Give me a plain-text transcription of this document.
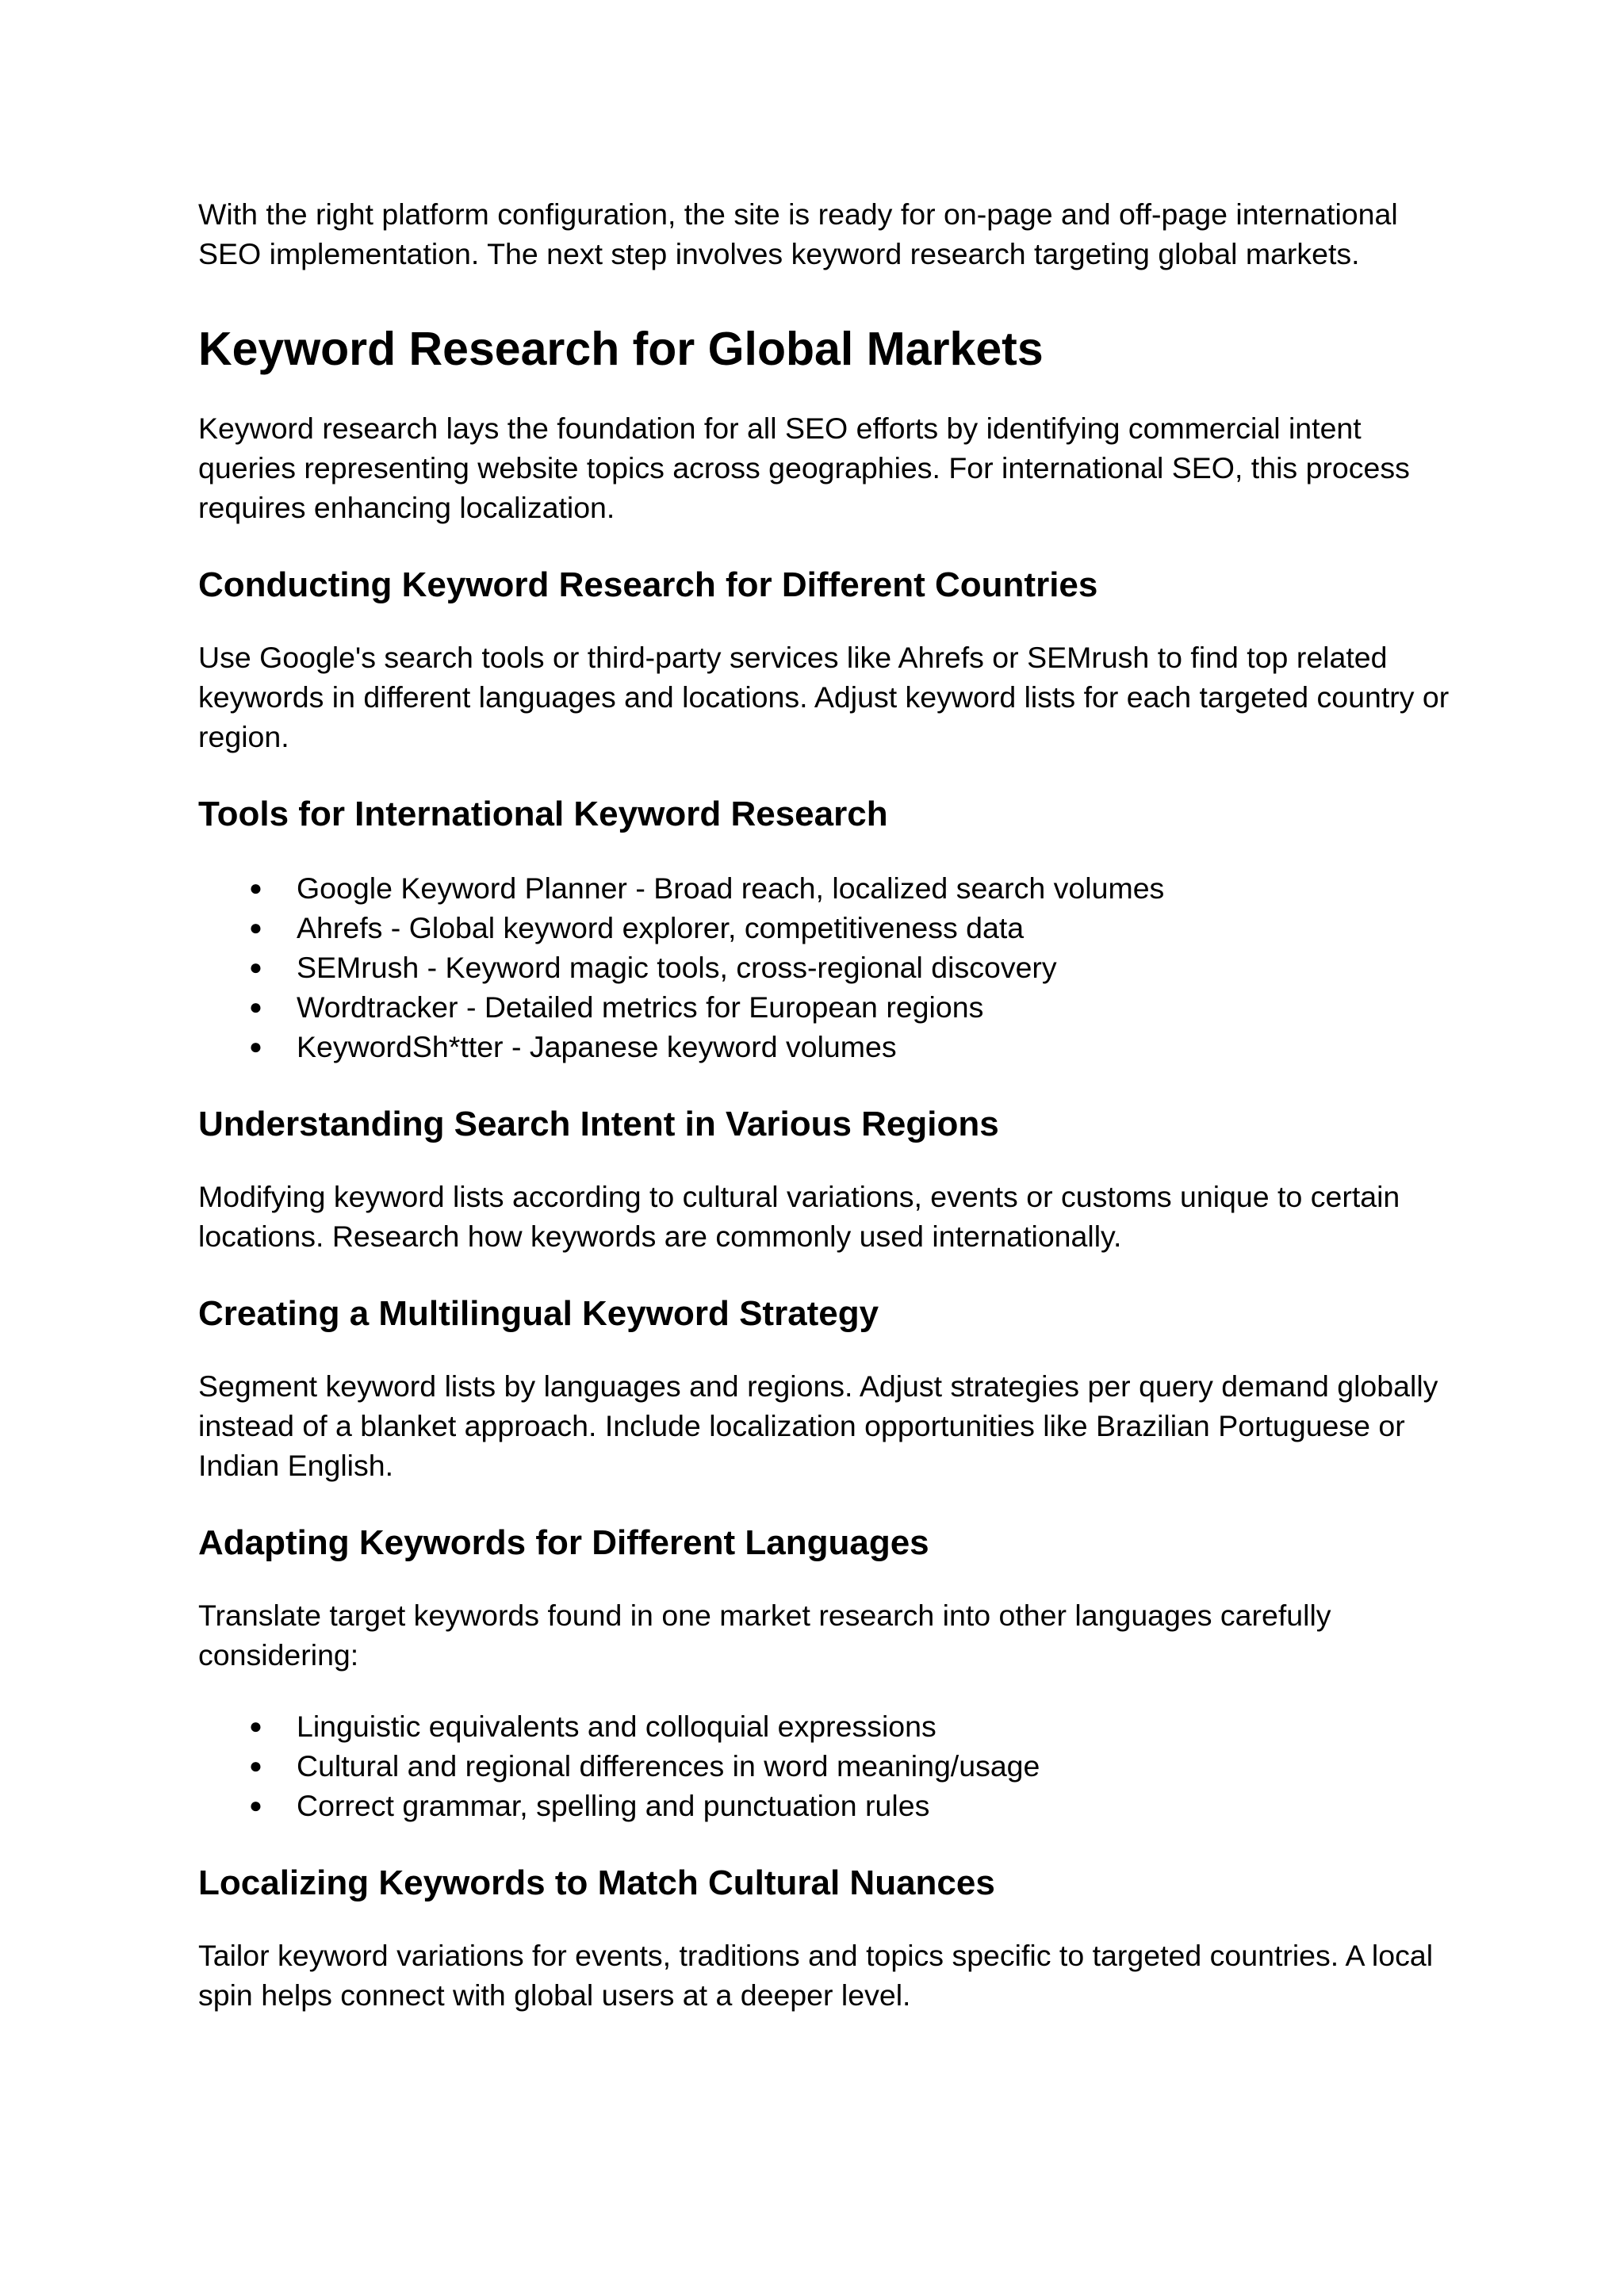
With the right platform configuration, the site is ready for on-page and off-page international SEO implementation. The next step involves keyword research targeting global markets.

Keyword Research for Global Markets

Keyword research lays the foundation for all SEO efforts by identifying commercial intent queries representing website topics across geographies. For international SEO, this process requires enhancing localization.

Conducting Keyword Research for Different Countries

Use Google's search tools or third-party services like Ahrefs or SEMrush to find top related keywords in different languages and locations. Adjust keyword lists for each targeted country or region.

Tools for International Keyword Research
● Google Keyword Planner - Broad reach, localized search volumes
● Ahrefs - Global keyword explorer, competitiveness data
● SEMrush - Keyword magic tools, cross-regional discovery
● Wordtracker - Detailed metrics for European regions
● KeywordSh*tter - Japanese keyword volumes
Understanding Search Intent in Various Regions

Modifying keyword lists according to cultural variations, events or customs unique to certain locations. Research how keywords are commonly used internationally.

Creating a Multilingual Keyword Strategy

Segment keyword lists by languages and regions. Adjust strategies per query demand globally instead of a blanket approach. Include localization opportunities like Brazilian Portuguese or Indian English.

Adapting Keywords for Different Languages

Translate target keywords found in one market research into other languages carefully considering:

● Linguistic equivalents and colloquial expressions
● Cultural and regional differences in word meaning/usage
● Correct grammar, spelling and punctuation rules
Localizing Keywords to Match Cultural Nuances

Tailor keyword variations for events, traditions and topics specific to targeted countries. A local spin helps connect with global users at a deeper level.
